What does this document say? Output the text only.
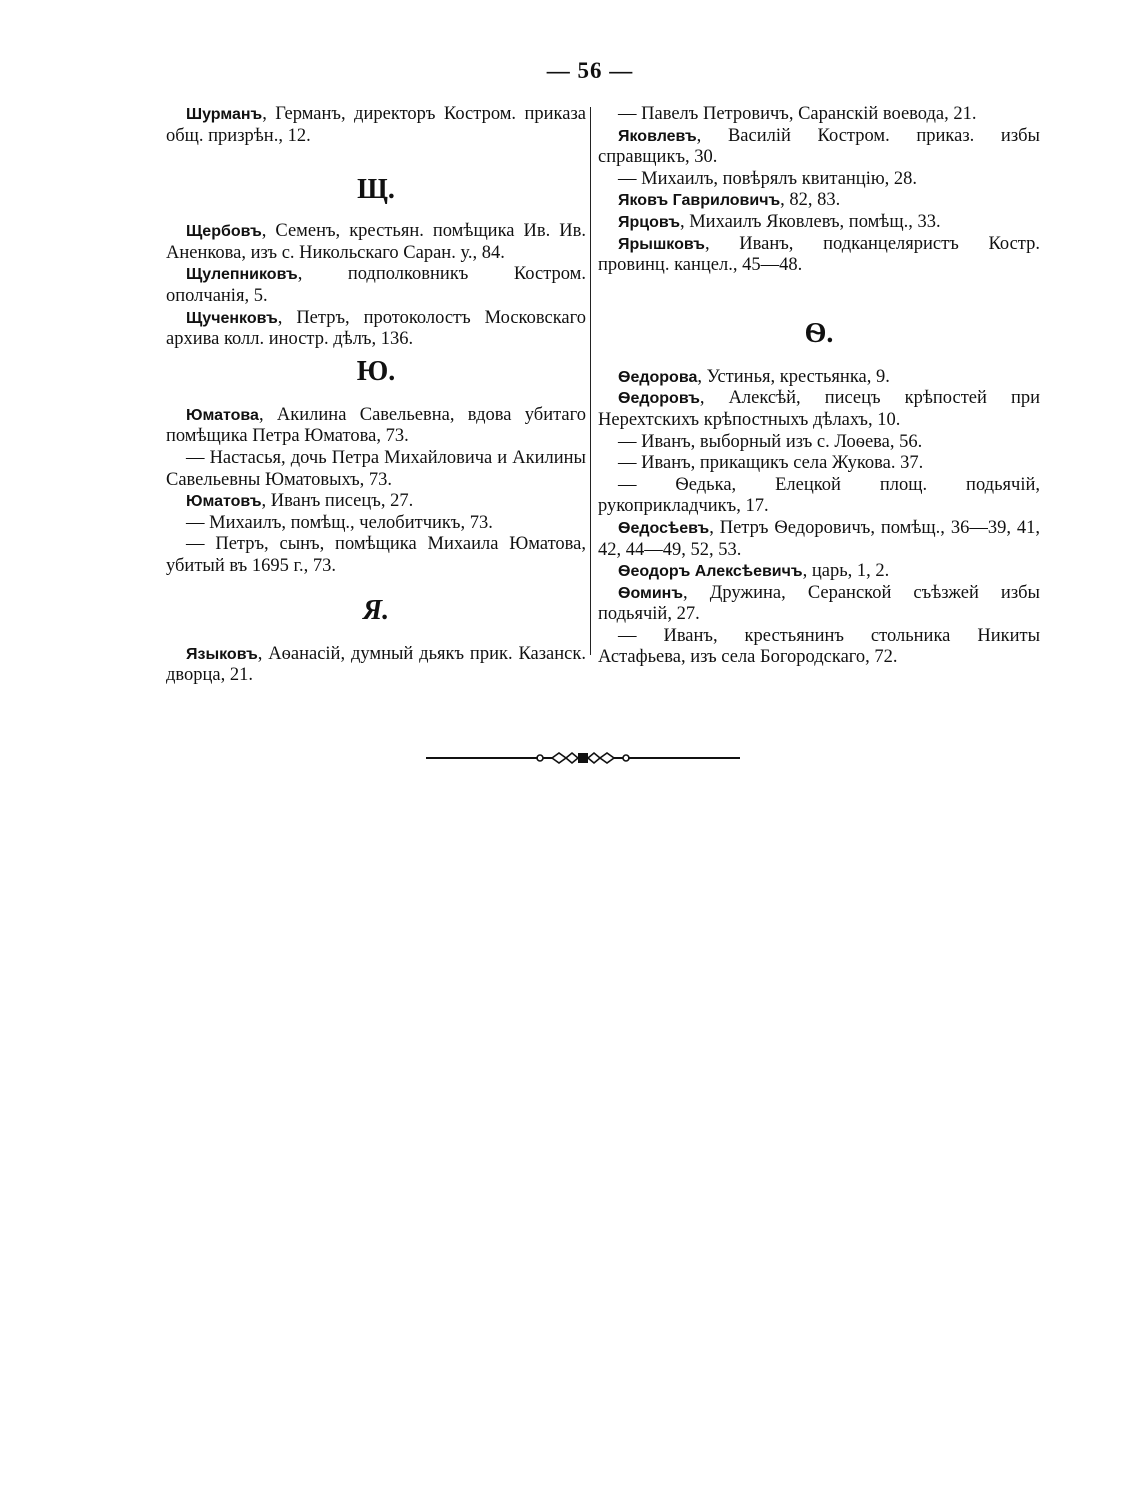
— 56 —

Шурманъ, Германъ, директоръ Костром. приказа общ. призрѣн., 12.

Щ.

Щербовъ, Семенъ, крестьян. помѣщика Ив. Ив. Аненкова, изъ с. Никольскаго Саран. у., 84.

Щулепниковъ, подполковникъ Костром. ополчанія, 5.

Щученковъ, Петръ, протоколостъ Московскаго архива колл. иностр. дѣлъ, 136.

Ю.

Юматова, Акилина Савельевна, вдова убитаго помѣщика Петра Юматова, 73.

— Настасья, дочь Петра Михайловича и Акилины Савельевны Юматовыхъ, 73.

Юматовъ, Иванъ писецъ, 27.

— Михаилъ, помѣщ., челобитчикъ, 73.

— Петръ, сынъ, помѣщика Михаила Юматова, убитый въ 1695 г., 73.

Я.

Языковъ, Аѳанасій, думный дьякъ прик. Казанск. дворца, 21.

— Павелъ Петровичъ, Саранскій воевода, 21.

Яковлевъ, Василій Костром. приказ. избы справщикъ, 30.

— Михаилъ, повѣрялъ квитанцію, 28.

Яковъ Гавриловичъ, 82, 83.

Ярцовъ, Михаилъ Яковлевъ, помѣщ., 33.

Ярышковъ, Иванъ, подканцеляристъ Костр. провинц. канцел., 45—48.

Ѳ.

Ѳедорова, Устинья, крестьянка, 9.

Ѳедоровъ, Алексѣй, писецъ крѣпостей при Нерехтскихъ крѣпостныхъ дѣлахъ, 10.

— Иванъ, выборный изъ с. Лоѳева, 56.

— Иванъ, прикащикъ села Жукова. 37.

— Ѳедька, Елецкой площ. подьячій, рукоприкладчикъ, 17.

Ѳедосѣевъ, Петръ Ѳедоровичъ, помѣщ., 36—39, 41, 42, 44—49, 52, 53.

Ѳеодоръ Алексѣевичъ, царь, 1, 2.

Ѳоминъ, Дружина, Серанской съѣзжей избы подьячій, 27.

— Иванъ, крестьянинъ стольника Никиты Астафьева, изъ села Богородскаго, 72.
